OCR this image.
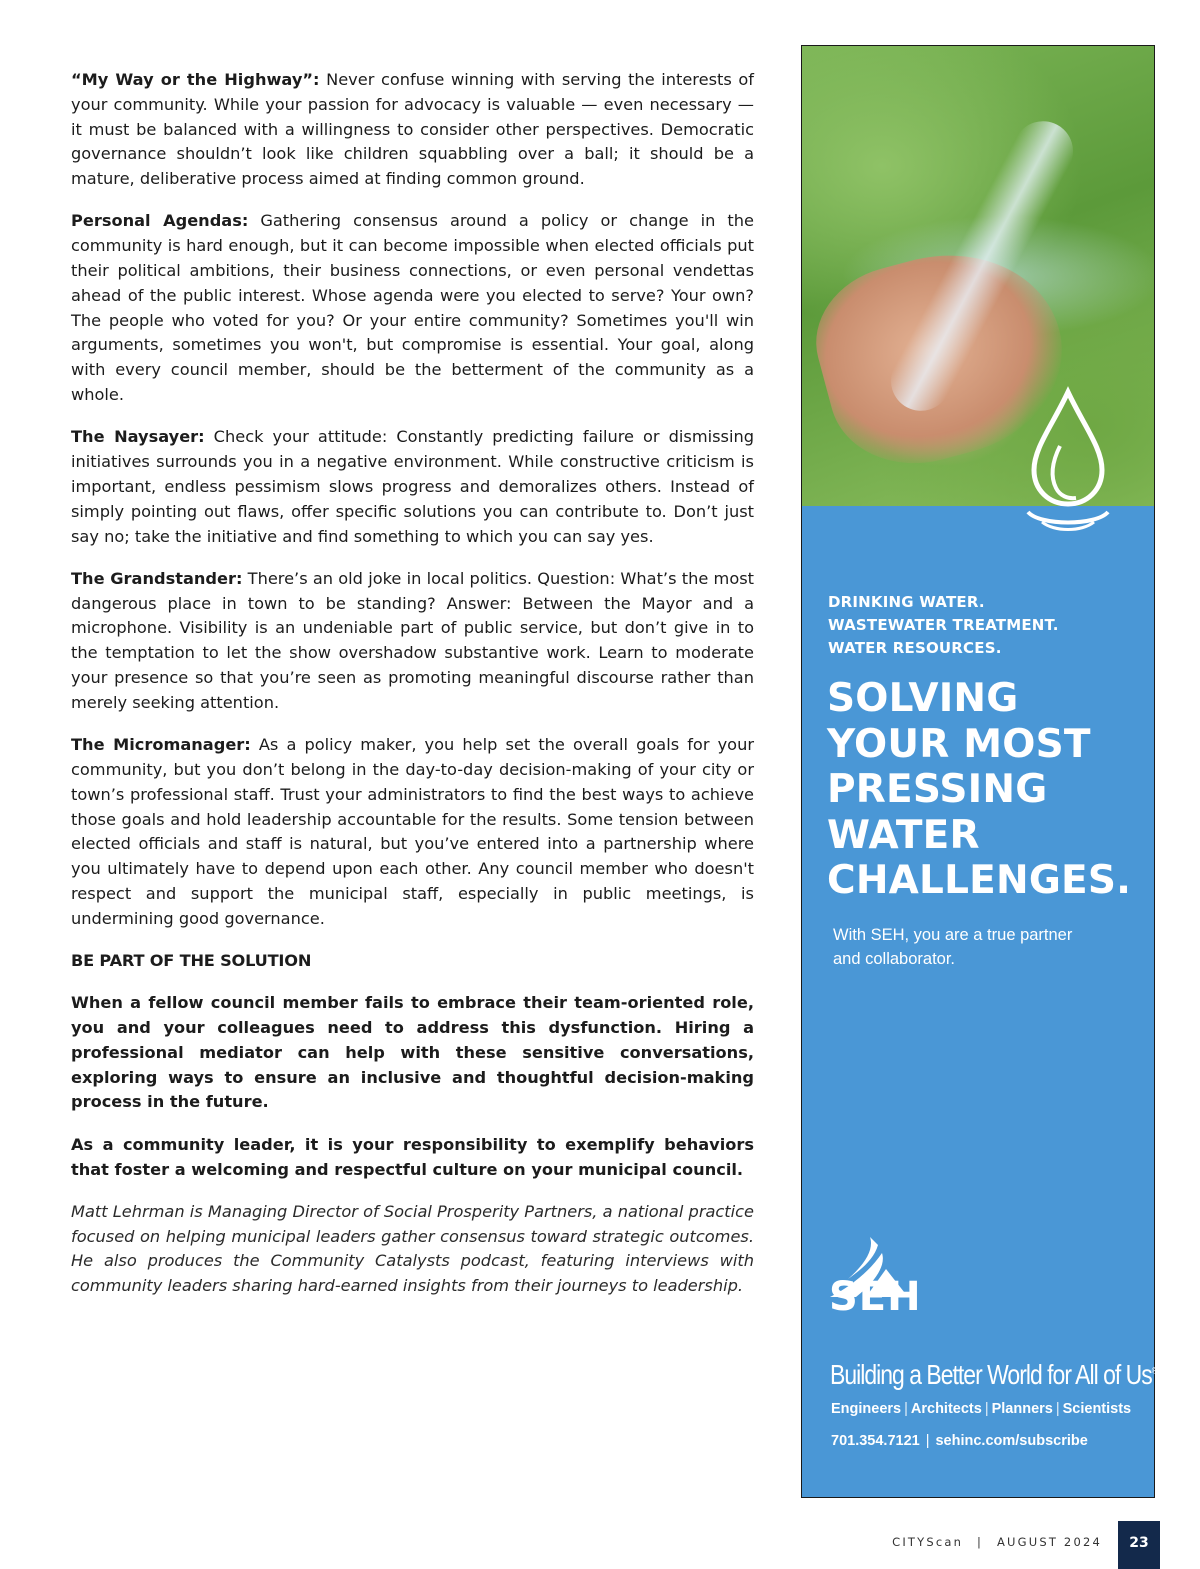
“My Way or the Highway”: Never confuse winning with serving the interests of your community. While your passion for advocacy is valuable — even necessary — it must be balanced with a willingness to consider other perspectives. Democratic governance shouldn’t look like children squabbling over a ball; it should be a mature, deliberative process aimed at finding common ground.

Personal Agendas: Gathering consensus around a policy or change in the community is hard enough, but it can become impossible when elected officials put their political ambitions, their business connections, or even personal vendettas ahead of the public interest. Whose agenda were you elected to serve? Your own? The people who voted for you? Or your entire community? Sometimes you'll win arguments, sometimes you won't, but compromise is essential. Your goal, along with every council member, should be the betterment of the community as a whole.

The Naysayer: Check your attitude: Constantly predicting failure or dismissing initiatives surrounds you in a negative environment. While constructive criticism is important, endless pessimism slows progress and demoralizes others. Instead of simply pointing out flaws, offer specific solutions you can contribute to. Don’t just say no; take the initiative and find something to which you can say yes.

The Grandstander: There’s an old joke in local politics. Question: What’s the most dangerous place in town to be standing? Answer: Between the Mayor and a microphone. Visibility is an undeniable part of public service, but don’t give in to the temptation to let the show overshadow substantive work. Learn to moderate your presence so that you’re seen as promoting meaningful discourse rather than merely seeking attention.

The Micromanager: As a policy maker, you help set the overall goals for your community, but you don’t belong in the day-to-day decision-making of your city or town’s professional staff. Trust your administrators to find the best ways to achieve those goals and hold leadership accountable for the results. Some tension between elected officials and staff is natural, but you’ve entered into a partnership where you ultimately have to depend upon each other. Any council member who doesn't respect and support the municipal staff, especially in public meetings, is undermining good governance.

BE PART OF THE SOLUTION

When a fellow council member fails to embrace their team-oriented role, you and your colleagues need to address this dysfunction. Hiring a professional mediator can help with these sensitive conversations, exploring ways to ensure an inclusive and thoughtful decision-making process in the future.

As a community leader, it is your responsibility to exemplify behaviors that foster a welcoming and respectful culture on your municipal council.

Matt Lehrman is Managing Director of Social Prosperity Partners, a national practice focused on helping municipal leaders gather consensus toward strategic outcomes. He also produces the Community Catalysts podcast, featuring interviews with community leaders sharing hard-earned insights from their journeys to leadership.

DRINKING WATER.
WASTEWATER TREATMENT.
WATER RESOURCES.
SOLVING
YOUR MOST
PRESSING
WATER
CHALLENGES.
With SEH, you are a true partner
and collaborator.
SEH
Building a Better World for All of Us®
Engineers | Architects | Planners | Scientists
701.354.7121 | sehinc.com/subscribe
CITYScan | AUGUST 2024	23
